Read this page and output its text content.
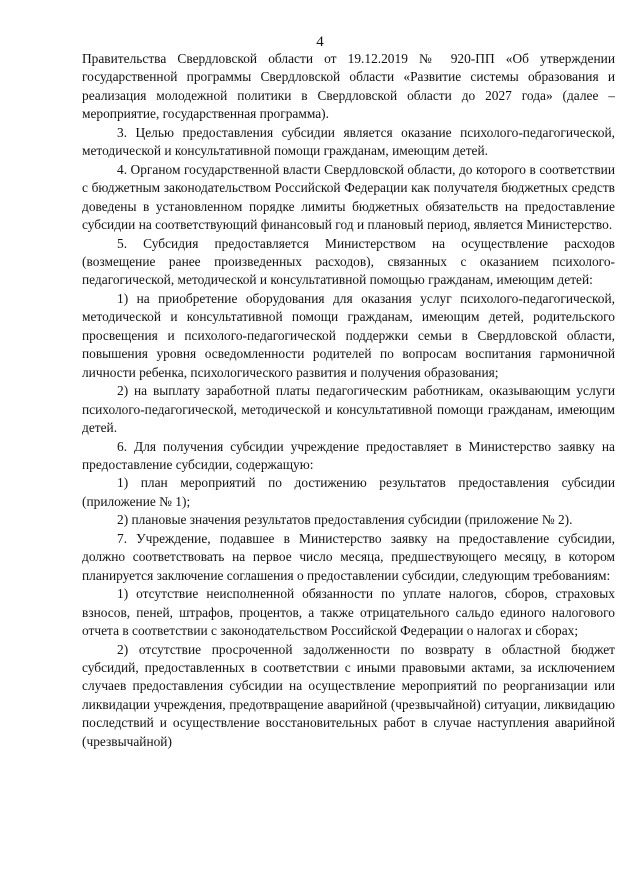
4

Правительства Свердловской области от 19.12.2019 № 920-ПП «Об утверждении государственной программы Свердловской области «Развитие системы образования и реализация молодежной политики в Свердловской области до 2027 года» (далее – мероприятие, государственная программа).

3. Целью предоставления субсидии является оказание психолого-педагогической, методической и консультативной помощи гражданам, имеющим детей.

4. Органом государственной власти Свердловской области, до которого в соответствии с бюджетным законодательством Российской Федерации как получателя бюджетных средств доведены в установленном порядке лимиты бюджетных обязательств на предоставление субсидии на соответствующий финансовый год и плановый период, является Министерство.

5. Субсидия предоставляется Министерством на осуществление расходов (возмещение ранее произведенных расходов), связанных с оказанием психолого-педагогической, методической и консультативной помощью гражданам, имеющим детей:

1) на приобретение оборудования для оказания услуг психолого-педагогической, методической и консультативной помощи гражданам, имеющим детей, родительского просвещения и психолого-педагогической поддержки семьи в Свердловской области, повышения уровня осведомленности родителей по вопросам воспитания гармоничной личности ребенка, психологического развития и получения образования;

2) на выплату заработной платы педагогическим работникам, оказывающим услуги психолого-педагогической, методической и консультативной помощи гражданам, имеющим детей.

6. Для получения субсидии учреждение предоставляет в Министерство заявку на предоставление субсидии, содержащую:

1) план мероприятий по достижению результатов предоставления субсидии (приложение № 1);

2) плановые значения результатов предоставления субсидии (приложение № 2).

7. Учреждение, подавшее в Министерство заявку на предоставление субсидии, должно соответствовать на первое число месяца, предшествующего месяцу, в котором планируется заключение соглашения о предоставлении субсидии, следующим требованиям:

1) отсутствие неисполненной обязанности по уплате налогов, сборов, страховых взносов, пеней, штрафов, процентов, а также отрицательного сальдо единого налогового отчета в соответствии с законодательством Российской Федерации о налогах и сборах;

2) отсутствие просроченной задолженности по возврату в областной бюджет субсидий, предоставленных в соответствии с иными правовыми актами, за исключением случаев предоставления субсидии на осуществление мероприятий по реорганизации или ликвидации учреждения, предотвращение аварийной (чрезвычайной) ситуации, ликвидацию последствий и осуществление восстановительных работ в случае наступления аварийной (чрезвычайной)
